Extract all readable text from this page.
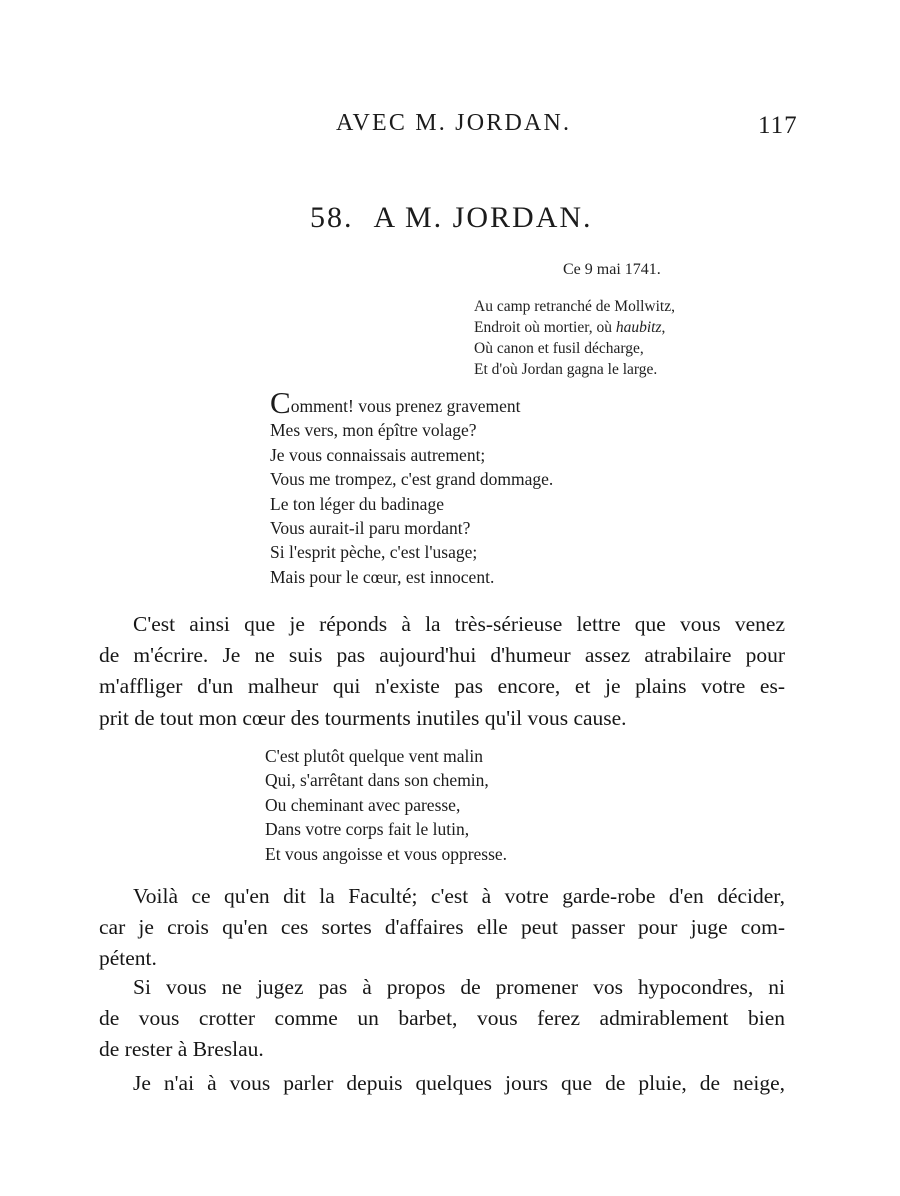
AVEC M. JORDAN.	117
58. A M. JORDAN.
Ce 9 mai 1741.
Au camp retranché de Mollwitz,
Endroit où mortier, où haubitz,
Où canon et fusil décharge,
Et d'où Jordan gagna le large.
Comment! vous prenez gravement
Mes vers, mon épître volage?
Je vous connaissais autrement;
Vous me trompez, c'est grand dommage.
Le ton léger du badinage
Vous aurait-il paru mordant?
Si l'esprit pèche, c'est l'usage;
Mais pour le cœur, est innocent.
C'est ainsi que je réponds à la très-sérieuse lettre que vous venez
de m'écrire. Je ne suis pas aujourd'hui d'humeur assez atrabilaire pour
m'affliger d'un malheur qui n'existe pas encore, et je plains votre es-
prit de tout mon cœur des tourments inutiles qu'il vous cause.
C'est plutôt quelque vent malin
Qui, s'arrêtant dans son chemin,
Ou cheminant avec paresse,
Dans votre corps fait le lutin,
Et vous angoisse et vous oppresse.
Voilà ce qu'en dit la Faculté; c'est à votre garde-robe d'en décider,
car je crois qu'en ces sortes d'affaires elle peut passer pour juge com-
pétent.
Si vous ne jugez pas à propos de promener vos hypocondres, ni
de vous crotter comme un barbet, vous ferez admirablement bien
de rester à Breslau.
Je n'ai à vous parler depuis quelques jours que de pluie, de neige,
